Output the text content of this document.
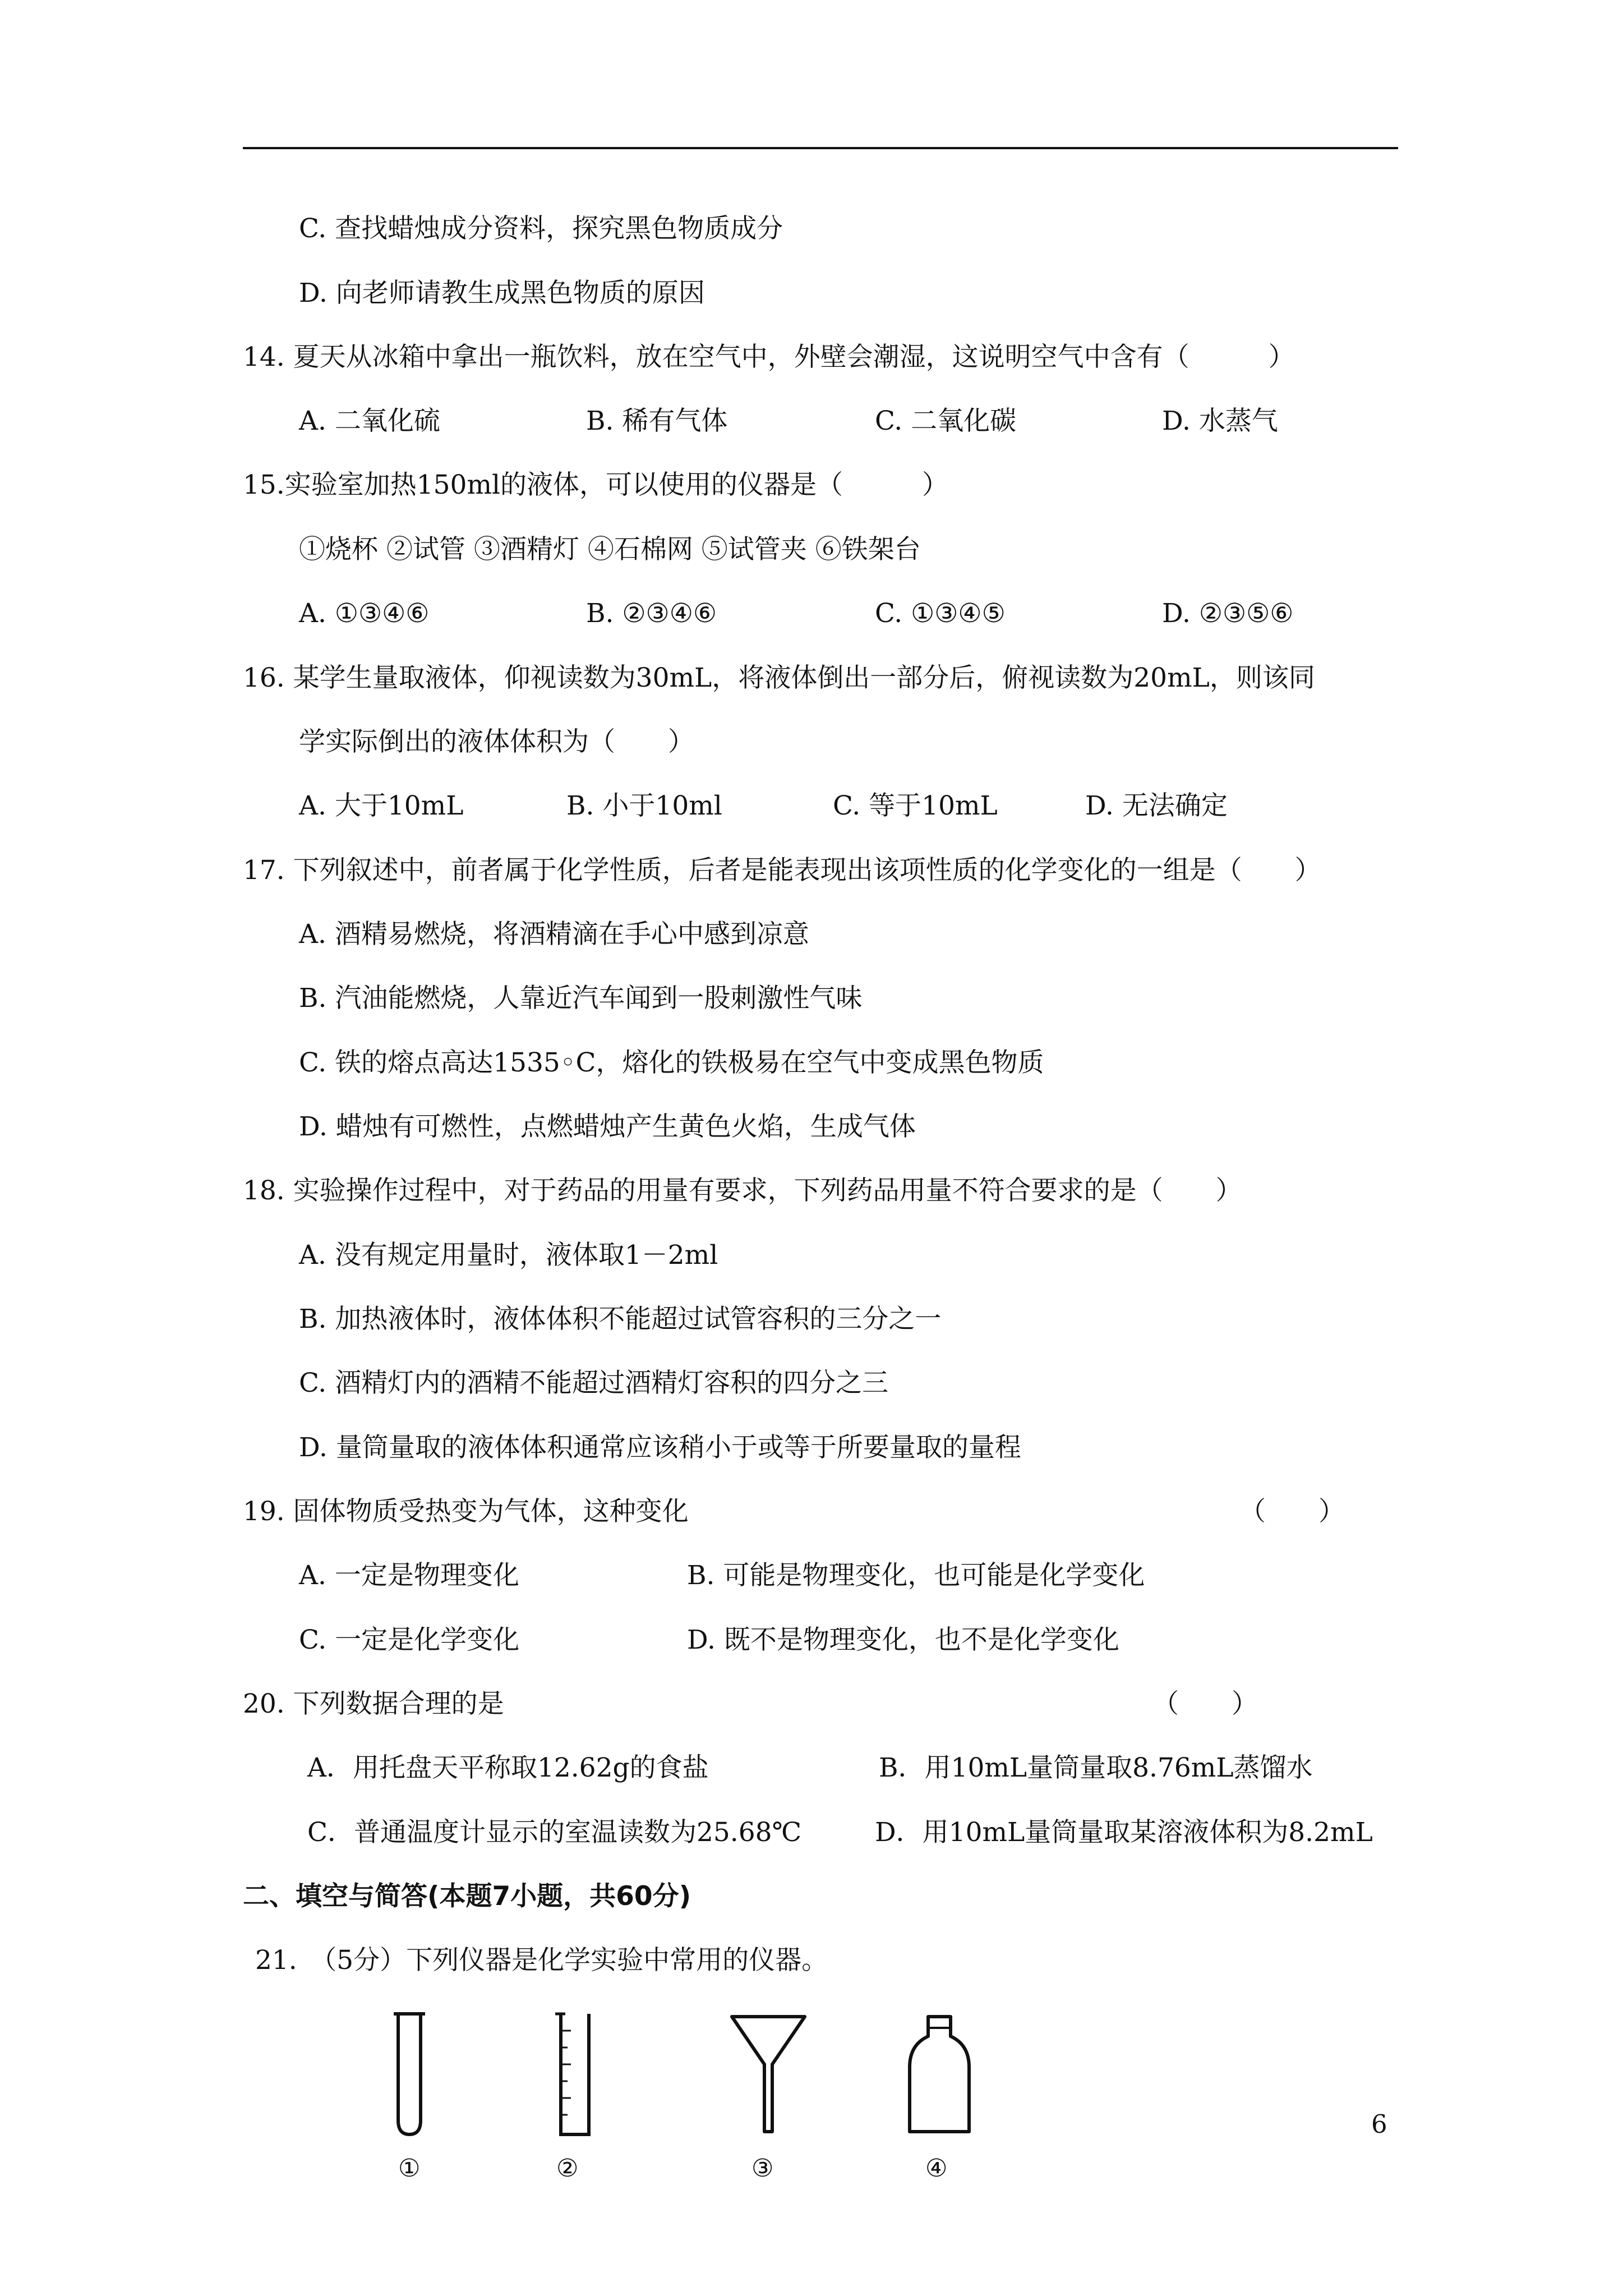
C. 查找蜡烛成分资料，探究黑色物质成分
D. 向老师请教生成黑色物质的原因
14. 夏天从冰箱中拿出一瓶饮料，放在空气中，外壁会潮湿，这说明空气中含有（　　　）
A. 二氧化硫	B. 稀有气体	C. 二氧化碳	D. 水蒸气
15.实验室加热150ml的液体，可以使用的仪器是（　　　）
①烧杯 ②试管 ③酒精灯 ④石棉网 ⑤试管夹 ⑥铁架台
A. ①③④⑥	B. ②③④⑥	C. ①③④⑤	D. ②③⑤⑥
16. 某学生量取液体，仰视读数为30mL，将液体倒出一部分后，俯视读数为20mL，则该同
学实际倒出的液体体积为（　　）
A. 大于10mL	B. 小于10ml	C. 等于10mL	D. 无法确定
17. 下列叙述中，前者属于化学性质，后者是能表现出该项性质的化学变化的一组是（　　）
A. 酒精易燃烧，将酒精滴在手心中感到凉意
B. 汽油能燃烧，人靠近汽车闻到一股刺激性气味
C. 铁的熔点高达1535◦C，熔化的铁极易在空气中变成黑色物质
D. 蜡烛有可燃性，点燃蜡烛产生黄色火焰，生成气体
18. 实验操作过程中，对于药品的用量有要求，下列药品用量不符合要求的是（　　）
A. 没有规定用量时，液体取1－2ml
B. 加热液体时，液体体积不能超过试管容积的三分之一
C. 酒精灯内的酒精不能超过酒精灯容积的四分之三
D. 量筒量取的液体体积通常应该稍小于或等于所要量取的量程
19. 固体物质受热变为气体，这种变化	（　　）
A. 一定是物理变化	B. 可能是物理变化，也可能是化学变化
C. 一定是化学变化	D. 既不是物理变化，也不是化学变化
20. 下列数据合理的是	（　　）
A．用托盘天平称取12.62g的食盐	B．用10mL量筒量取8.76mL蒸馏水
C．普通温度计显示的室温读数为25.68℃	D．用10mL量筒量取某溶液体积为8.2mL
二、填空与简答(本题7小题，共60分)
21.　（5分）下列仪器是化学实验中常用的仪器。
①	②	③	④
6
